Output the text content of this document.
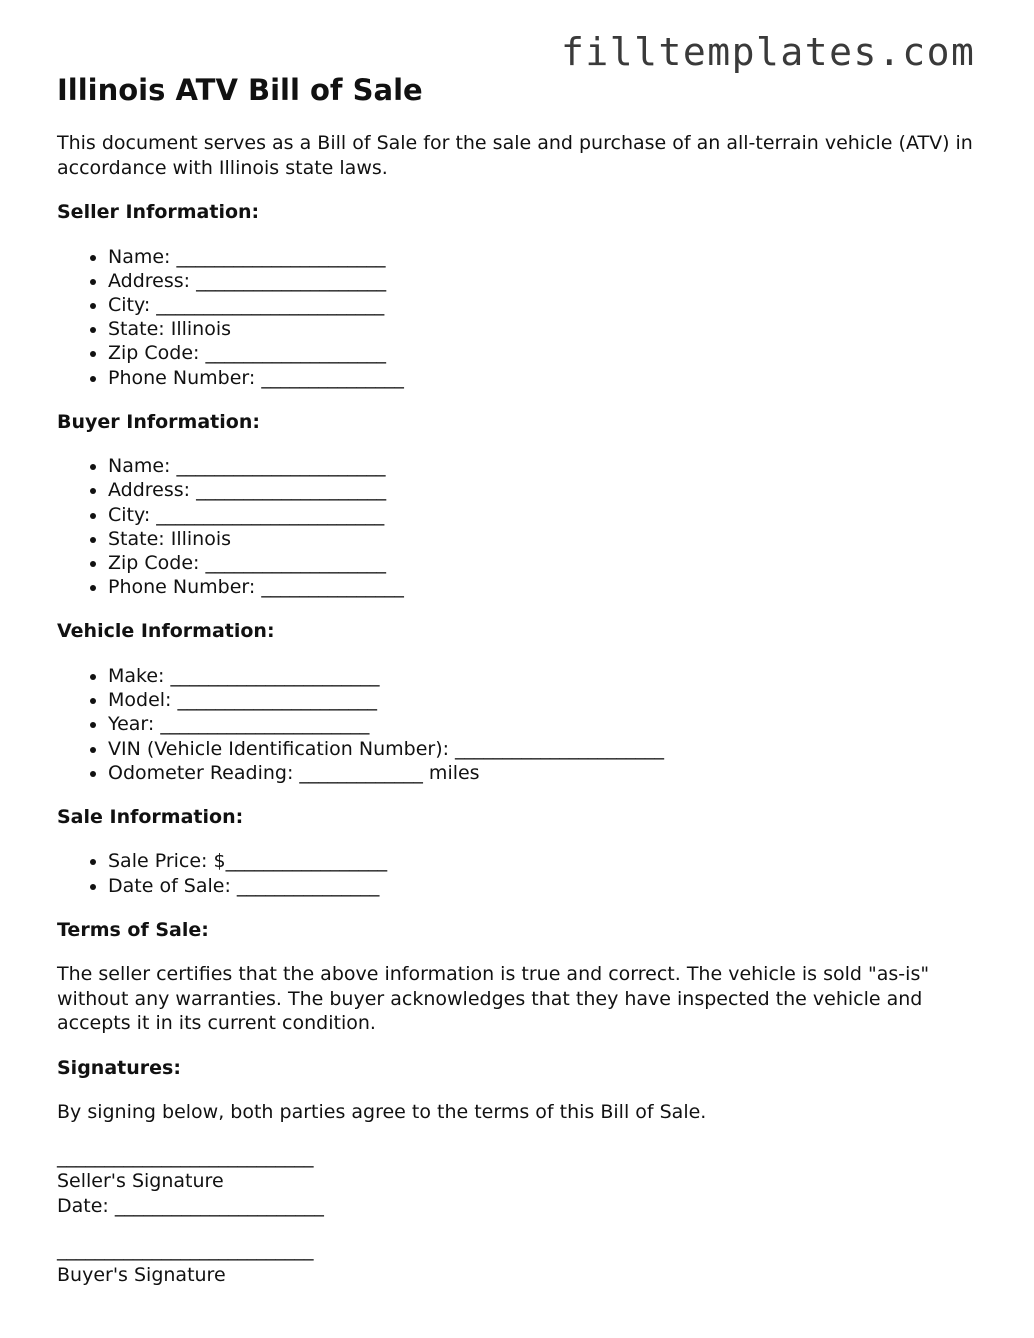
filltemplates.com
Illinois ATV Bill of Sale

This document serves as a Bill of Sale for the sale and purchase of an all-terrain vehicle (ATV) in accordance with Illinois state laws.

Seller Information:
• Name: ______________________
• Address: ____________________
• City: ________________________
• State: Illinois
• Zip Code: ___________________
• Phone Number: _______________
Buyer Information:
• Name: ______________________
• Address: ____________________
• City: ________________________
• State: Illinois
• Zip Code: ___________________
• Phone Number: _______________
Vehicle Information:
• Make: ______________________
• Model: _____________________
• Year: ______________________
• VIN (Vehicle Identification Number): ______________________
• Odometer Reading: _____________ miles
Sale Information:
• Sale Price: $_________________
• Date of Sale: _______________
Terms of Sale:

The seller certifies that the above information is true and correct. The vehicle is sold "as-is" without any warranties. The buyer acknowledges that they have inspected the vehicle and accepts it in its current condition.

Signatures:

By signing below, both parties agree to the terms of this Bill of Sale.

___________________________
Seller's Signature
Date: ______________________
___________________________
Buyer's Signature
